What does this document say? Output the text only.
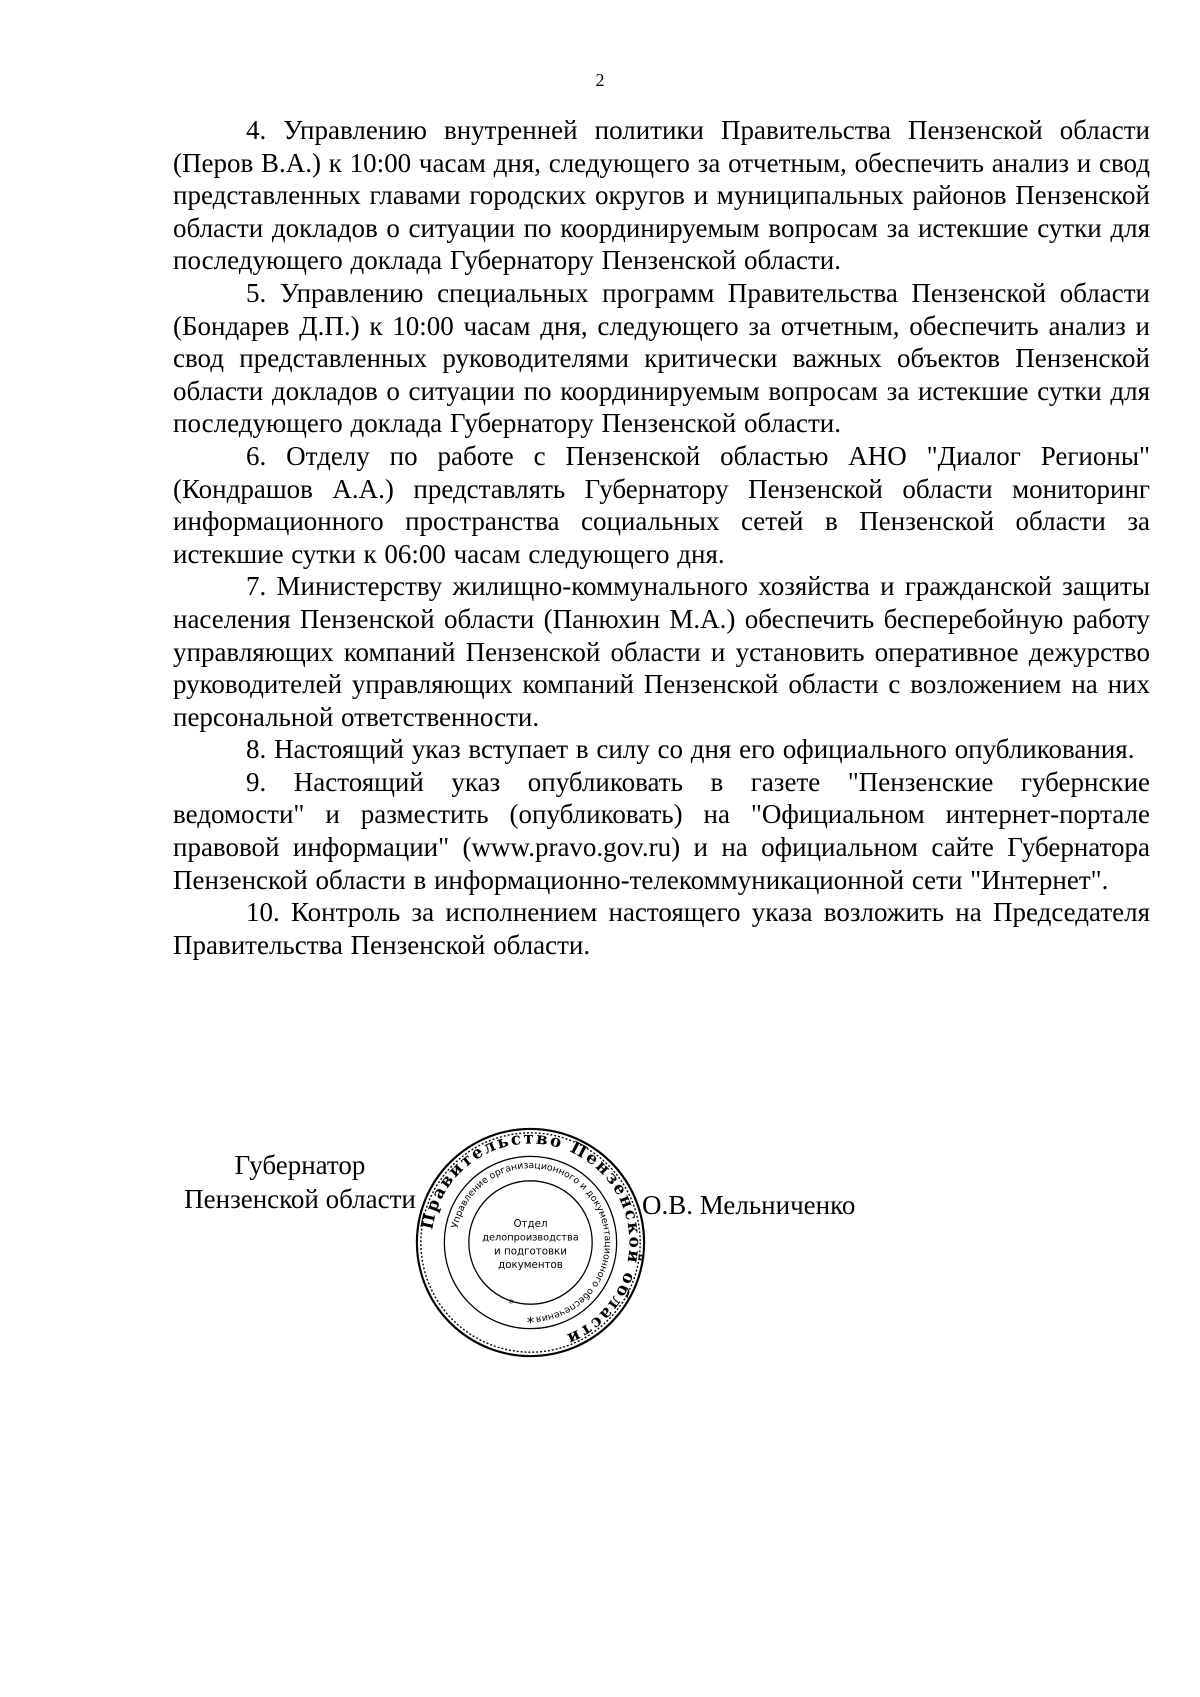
2

4. Управлению внутренней политики Правительства Пензенской области (Перов В.А.) к 10:00 часам дня, следующего за отчетным, обеспечить анализ и свод представленных главами городских округов и муниципальных районов Пензенской области докладов о ситуации по координируемым вопросам за истекшие сутки для последующего доклада Губернатору Пензенской области.

5. Управлению специальных программ Правительства Пензенской области (Бондарев Д.П.) к 10:00 часам дня, следующего за отчетным, обеспечить анализ и свод представленных руководителями критически важных объектов Пензенской области докладов о ситуации по координируемым вопросам за истекшие сутки для последующего доклада Губернатору Пензенской области.

6. Отделу по работе с Пензенской областью АНО "Диалог Регионы" (Кондрашов А.А.) представлять Губернатору Пензенской области мониторинг информационного пространства социальных сетей в Пензенской области за истекшие сутки к 06:00 часам следующего дня.

7. Министерству жилищно-коммунального хозяйства и гражданской защиты населения Пензенской области (Панюхин М.А.) обеспечить бесперебойную работу управляющих компаний Пензенской области и установить оперативное дежурство руководителей управляющих компаний Пензенской области с возложением на них персональной ответственности.

8. Настоящий указ вступает в силу со дня его официального опубликования.

9. Настоящий указ опубликовать в газете "Пензенские губернские ведомости" и разместить (опубликовать) на "Официальном интернет-портале правовой информации" (www.pravo.gov.ru) и на официальном сайте Губернатора Пензенской области в информационно-телекоммуникационной сети "Интернет".

10. Контроль за исполнением настоящего указа возложить на Председателя Правительства Пензенской области.

Губернатор
Пензенской области	О.В. Мельниченко
Правительство Пензенской области
Управление организационного и документационного обеспечения
Отдел
делопроизводства
и подготовки
документов
*
*
